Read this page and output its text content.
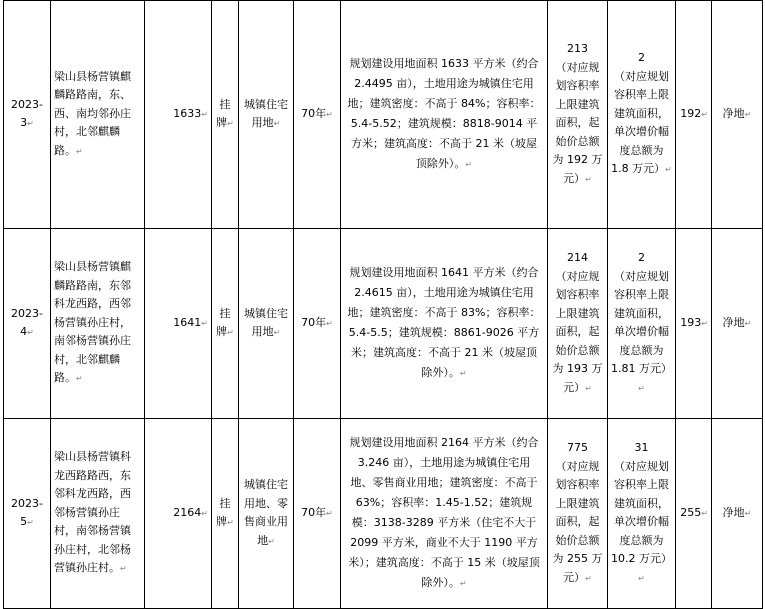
2023-3↵	梁山县杨营镇麒麟路路南，东、西、南均邻孙庄村，北邻麒麟路。↵	1633↵	挂牌↵	城镇住宅用地↵	70年↵	规划建设用地面积 1633 平方米（约合 2.4495 亩），土地用途为城镇住宅用地；建筑密度：不高于 84%；容积率：5.4-5.52；建筑规模：8818-9014 平方米；建筑高度：不高于 21 米（坡屋顶除外）。↵	213
（对应规划容积率上限建筑面积，起始价总额为 192 万元）↵	2
（对应规划容积率上限建筑面积，单次增价幅度总额为 1.8 万元）↵	192↵	净地↵
2023-4↵	梁山县杨营镇麒麟路路南，东邻科龙西路，西邻杨营镇孙庄村，南邻杨营镇孙庄村，北邻麒麟路。↵	1641↵	挂牌↵	城镇住宅用地↵	70年↵	规划建设用地面积 1641 平方米（约合 2.4615 亩），土地用途为城镇住宅用地；建筑密度：不高于 83%；容积率：5.4-5.5；建筑规模：8861-9026 平方米；建筑高度：不高于 21 米（坡屋顶除外）。↵	214
（对应规划容积率上限建筑面积，起始价总额为 193 万元）↵	2
（对应规划容积率上限建筑面积，单次增价幅度总额为 1.81 万元）↵	193↵	净地↵
2023-5↵	梁山县杨营镇科龙西路路西，东邻科龙西路，西邻杨营镇孙庄村，南邻杨营镇孙庄村，北邻杨营镇孙庄村。↵	2164↵	挂牌↵	城镇住宅用地、零售商业用地↵	70年↵	规划建设用地面积 2164 平方米（约合 3.246 亩），土地用途为城镇住宅用地、零售商业用地；建筑密度：不高于 63%；容积率：1.45-1.52；建筑规模：3138-3289 平方米（住宅不大于 2099 平方米，商业不大于 1190 平方米）；建筑高度：不高于 15 米（坡屋顶除外）。↵	775
（对应规划容积率上限建筑面积，起始价总额为 255 万元）↵	31
（对应规划容积率上限建筑面积，单次增价幅度总额为 10.2 万元）↵	255↵	净地↵
